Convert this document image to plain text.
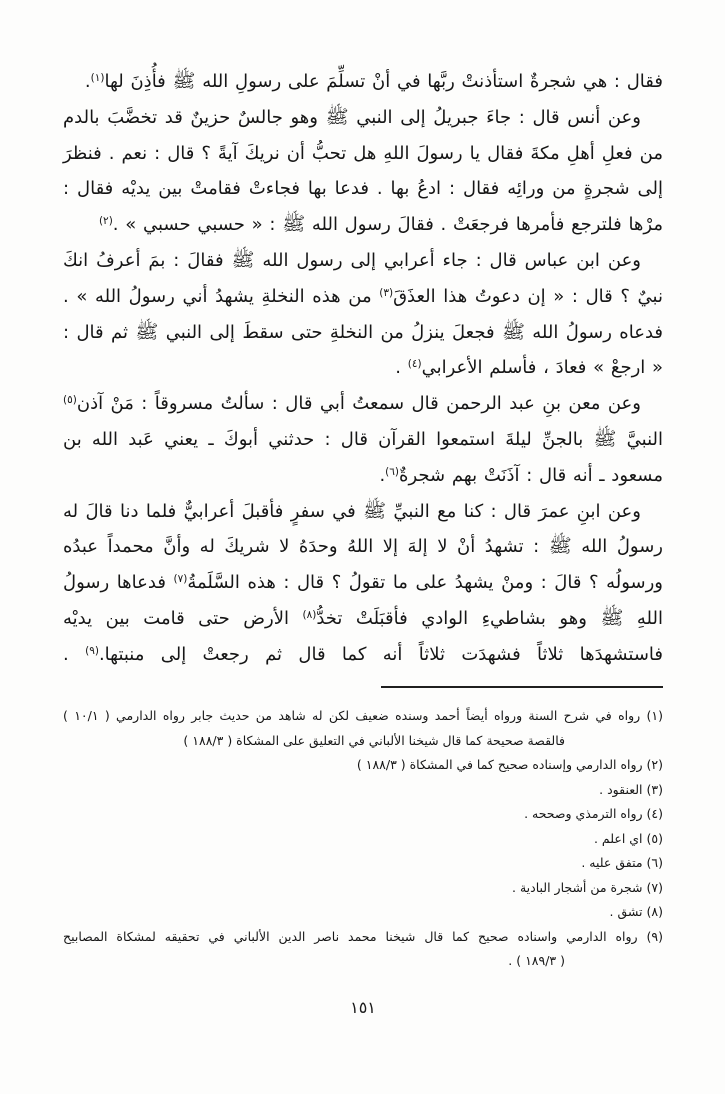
فقال : هي شجرةٌ استأذنتْ ربَّها في أنْ تسلِّمَ على رسولِ الله ﷺ فأُذِنَ لها$^{(١)}$.
وعن أنس قال : جاءَ جبريلُ إلى النبي ﷺ وهو جالسٌ حزينٌ قد تخضَّبَ بالدم
من فعلِ أهلِ مكةَ فقال يا رسولَ اللهِ هل تحبُّ أن نريكَ آيةً ؟ قال : نعم . فنظرَ
إلى شجرةٍ من ورائِه فقال : ادعُ بها . فدعا بها فجاءتْ فقامتْ بين يديْه فقال :
مرْها فلترجع فأمرها فرجعَتْ . فقالَ رسول الله ﷺ : « حسبي حسبي » .$^{(٢)}$
وعن ابن عباس قال : جاء أعرابي إلى رسول الله ﷺ فقالَ : بمَ أعرفُ انكَ
نبيٌ ؟ قال : « إن دعوتُ هذا العذَقَ$^{(٣)}$ من هذه النخلةِ يشهدُ أني رسولُ الله » .
فدعاه رسولُ الله ﷺ فجعلَ ينزلُ من النخلةِ حتى سقطَ إلى النبي ﷺ ثم قال :
« ارجعْ » فعادَ ، فأسلم الأعرابي$^{(٤)}$ .
وعن معن بنِ عبد الرحمن قال سمعتُ أبي قال : سألتُ مسروقاً : مَنْ آذن$^{(٥)}$
النبيَّ ﷺ بالجنِّ ليلةَ استمعوا القرآن قال : حدثني أبوكَ ـ يعني عَبد الله بن
مسعود ـ أنه قال : آذَنَتْ بهم شجرةٌ$^{(٦)}$.
وعن ابنِ عمرَ قال : كنا مع النبيِّ ﷺ في سفرٍ فأقبلَ أعرابيٌّ فلما دنا قالَ له
رسولُ الله ﷺ : تشهدُ أنْ لا إلهَ إلا اللهُ وحدَهُ لا شريكَ له وأنَّ محمداً عبدُه
ورسولُه ؟ قالَ : ومنْ يشهدُ على ما تقولُ ؟ قال : هذه السَّلَمةُ$^{(٧)}$ فدعاها رسولُ
اللهِ ﷺ وهو بشاطيءِ الوادي فأقبَلَتْ تخدُّ$^{(٨)}$ الأرض حتى قامت بين يديْه
فاستشهدَها ثلاثاً فشهدَت ثلاثاً أنه كما قال ثم رجعتْ إلى منبتها.$^{(٩)}$ .
(١) رواه في شرح السنة ورواه أيضاً أحمد وسنده ضعيف لكن له شاهد من حديث جابر رواه الدارمي ( ١٠/١ )
فالقصة صحيحة كما قال شيخنا الألباني في التعليق على المشكاة ( ١٨٨/٣ )
(٢) رواه الدارمي وإسناده صحيح كما في المشكاة ( ١٨٨/٣ )
(٣) العنقود .
(٤) رواه الترمذي وصححه .
(٥) اي اعلم .
(٦) متفق عليه .
(٧) شجرة من أشجار البادية .
(٨) تشق .
(٩) رواه الدارمي واسناده صحيح كما قال شيخنا محمد ناصر الدين الألباني في تحقيقه لمشكاة المصابيح
( ١٨٩/٣ ) .
١٥١
